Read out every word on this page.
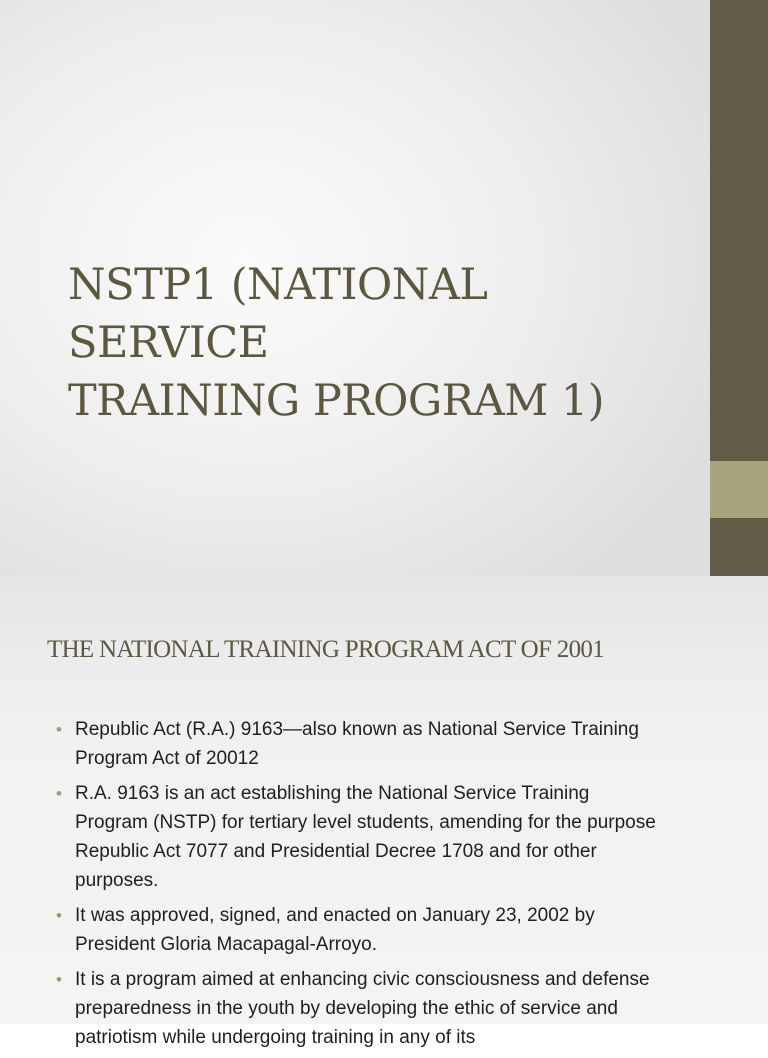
NSTP1 (NATIONAL SERVICE
TRAINING PROGRAM 1)
THE NATIONAL TRAINING PROGRAM ACT OF 2001
• Republic Act (R.A.) 9163—also known as National Service Training Program Act of 20012
• R.A. 9163 is an act establishing the National Service Training Program (NSTP) for tertiary level students, amending for the purpose Republic Act 7077 and Presidential Decree 1708 and for other purposes.
• It was approved, signed, and enacted on January 23, 2002 by President Gloria Macapagal-Arroyo.
• It is a program aimed at enhancing civic consciousness and defense preparedness in the youth by developing the ethic of service and patriotism while undergoing training in any of its
